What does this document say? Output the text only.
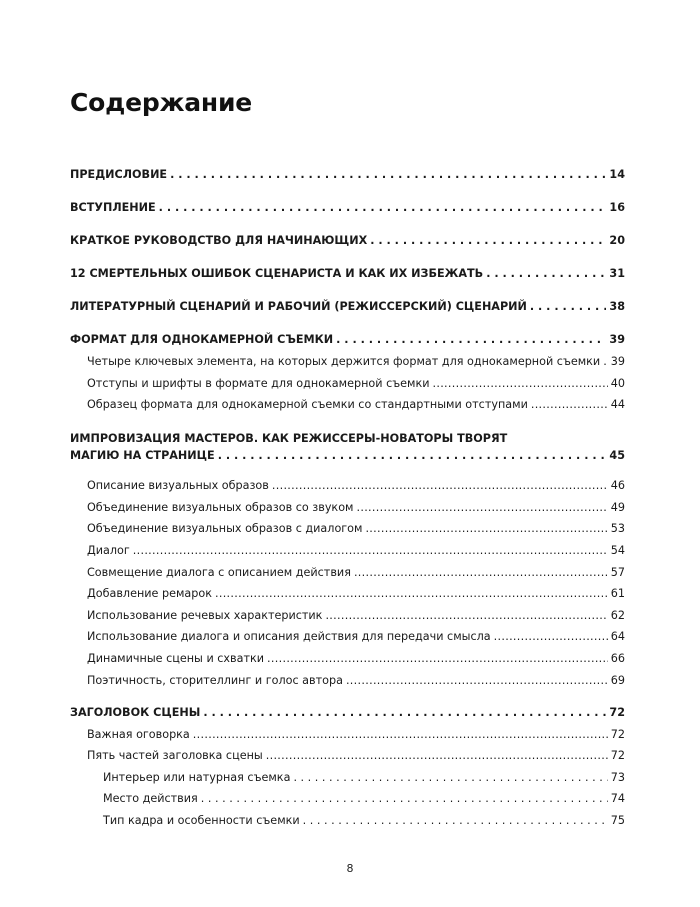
Содержание
ПРЕДИСЛОВИЕ . . .	14
ВСТУПЛЕНИЕ . . .	16
КРАТКОЕ РУКОВОДСТВО ДЛЯ НАЧИНАЮЩИХ . . .	20
12 СМЕРТЕЛЬНЫХ ОШИБОК СЦЕНАРИСТА И КАК ИХ ИЗБЕЖАТЬ . . .	31
ЛИТЕРАТУРНЫЙ СЦЕНАРИЙ И РАБОЧИЙ (РЕЖИССЕРСКИЙ) СЦЕНАРИЙ . . .	38
ФОРМАТ ДЛЯ ОДНОКАМЕРНОЙ СЪЕМКИ . . .	39
Четыре ключевых элемента, на которых держится формат для однокамерной съемки ..... 39
Отступы и шрифты в формате для однокамерной съемки .....	40
Образец формата для однокамерной съемки со стандартными отступами .....	44
ИМПРОВИЗАЦИЯ МАСТЕРОВ. КАК РЕЖИССЕРЫ-НОВАТОРЫ ТВОРЯТ
МАГИЮ НА СТРАНИЦЕ . . .	45
Описание визуальных образов .....	46
Объединение визуальных образов со звуком .....	49
Объединение визуальных образов с диалогом .....	53
Диалог .....	54
Совмещение диалога с описанием действия .....	57
Добавление ремарок .....	61
Использование речевых характеристик .....	62
Использование диалога и описания действия для передачи смысла .....	64
Динамичные сцены и схватки .....	66
Поэтичность, сторителлинг и голос автора .....	69
ЗАГОЛОВОК СЦЕНЫ . . .	72
Важная оговорка .....	72
Пять частей заголовка сцены .....	72
Интерьер или натурная съемка . . .	73
Место действия . . .	74
Тип кадра и особенности съемки . . .	75
8
